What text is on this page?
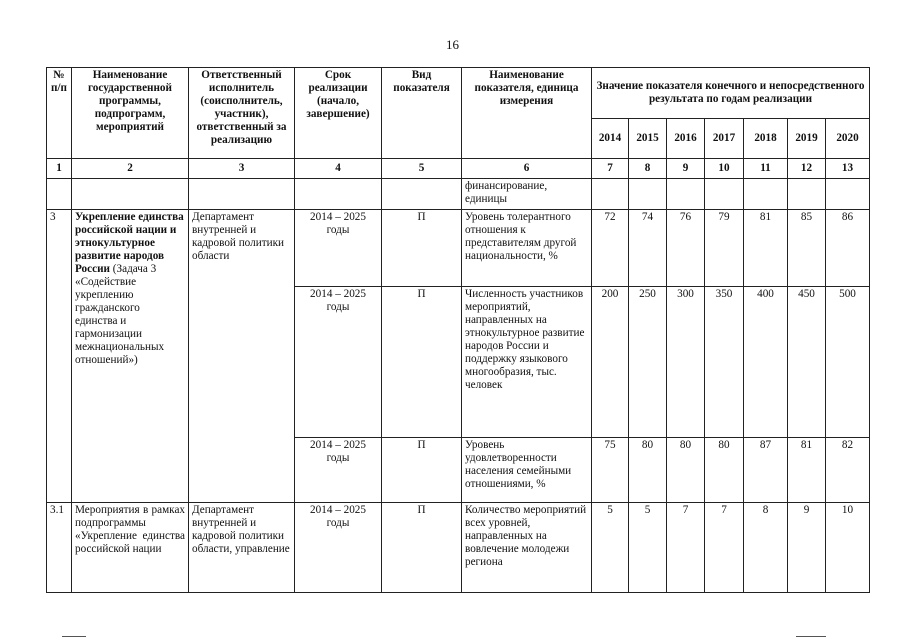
16
№ п/п	Наименование государственной программы, подпрограмм, мероприятий	Ответственный исполнитель (соисполнитель, участник), ответственный за реализацию	Срок реализации (начало, завершение)	Вид показателя	Наименование показателя, единица измерения	Значение показателя конечного и непосредственного результата по годам реализации						
						2014	2015	2016	2017	2018	2019	2020
1	2	3	4	5	6	7	8	9	10	11	12	13
					финансирование, единицы							
3	Укрепление единства российской нации и этнокультурное развитие народов России (Задача 3 «Содействие укреплению гражданского единства и гармонизации межнациональных отношений»)	Департамент внутренней и кадровой политики области	2014 – 2025 годы	П	Уровень толерантного отношения к представителям другой национальности, %	72	74	76	79	81	85	86
			2014 – 2025 годы	П	Численность участников мероприятий, направленных на этнокультурное развитие народов России и поддержку языкового многообразия, тыс. человек	200	250	300	350	400	450	500
			2014 – 2025 годы	П	Уровень удовлетворенности населения семейными отношениями, %	75	80	80	80	87	81	82
3.1	Мероприятия в рамках подпрограммы «Укрепление единства российской нации	Департамент внутренней и кадровой политики области, управление	2014 – 2025 годы	П	Количество мероприятий всех уровней, направленных на вовлечение молодежи региона	5	5	7	7	8	9	10
